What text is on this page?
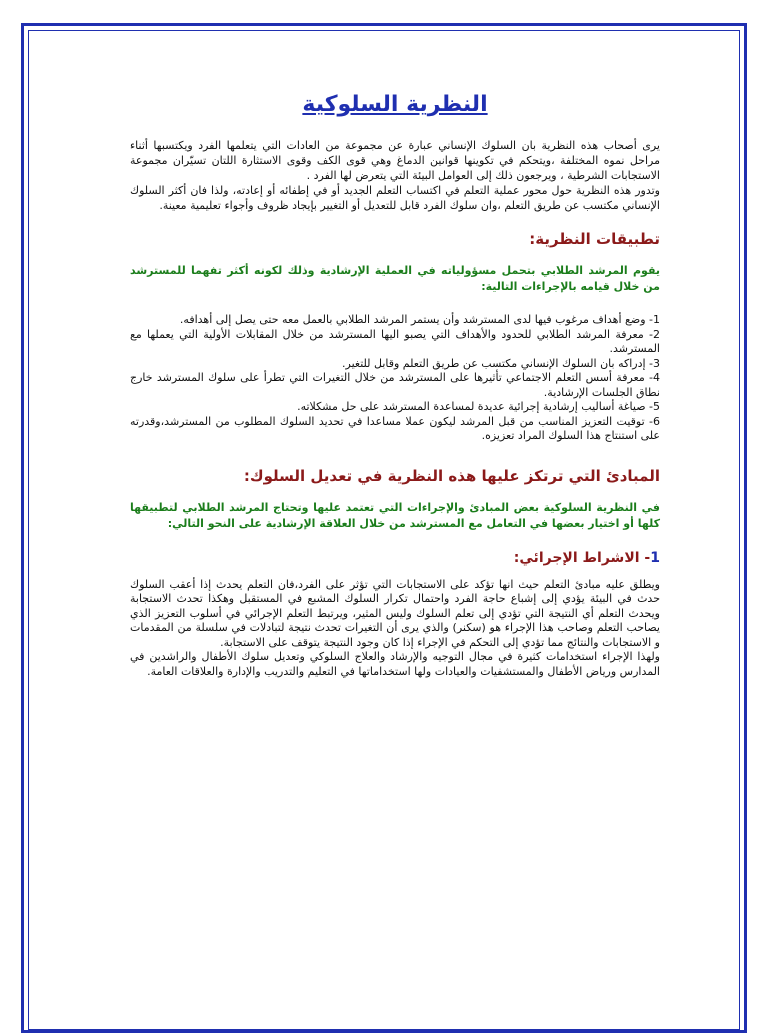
النظرية السلوكية

يرى أصحاب هذه النظرية بان السلوك الإنساني عبارة عن مجموعة من العادات التي يتعلمها الفرد ويكتسبها أثناء مراحل نموه المختلفة ،ويتحكم في تكوينها قوانين الدماغ وهي قوى الكف وقوى الاستثارة اللتان تسيّران مجموعة الاستجابات الشرطية ، ويرجعون ذلك إلى العوامل البيئة التي يتعرض لها الفرد .

وتدور هذه النظرية حول محور عملية التعلم في اكتساب التعلم الجديد أو في إطفائه أو إعادته، ولذا فان أكثر السلوك الإنساني مكتسب عن طريق التعلم ،وان سلوك الفرد قابل للتعديل أو التغيير بإيجاد ظروف وأجواء تعليمية معينة.

تطبيقات النظرية:

يقوم المرشد الطلابي بتحمل مسؤولياته في العملية الإرشادية وذلك لكونه أكثر تفهما للمسترشد من خلال قيامه بالإجراءات التالية:

1- وضع أهداف مرغوب فيها لدى المسترشد وأن يستمر المرشد الطلابي بالعمل معه حتى يصل إلى أهدافه.

2- معرفة المرشد الطلابي للحدود والأهداف التي يصبو اليها المسترشد من خلال المقابلات الأولية التي يعملها مع المسترشد.

3- إدراكه بان السلوك الإنساني مكتسب عن طريق التعلم وقابل للتغير.

4- معرفة أسس التعلم الاجتماعي تأثيرها على المسترشد من خلال التغيرات التي تطرأ على سلوك المسترشد خارج نطاق الجلسات الإرشادية.

5- صياغة أساليب إرشادية إجرائية عديدة لمساعدة المسترشد على حل مشكلاته.

6- توقيت التعزيز المناسب من قبل المرشد ليكون عملا مساعدا في تحديد السلوك المطلوب من المسترشد،وقدرته على استنتاج هذا السلوك المراد تعزيزه.

المبادئ التي ترتكز عليها هذه النظرية في تعديل السلوك:

في النظرية السلوكية بعض المبادئ والإجراءات التي تعتمد عليها وتحتاج المرشد الطلابي لتطبيقها كلها أو اختيار بعضها في التعامل مع المسترشد من خلال العلاقة الإرشادية على النحو التالي:

1- الاشراط الإجرائي:

ويطلق عليه مبادئ التعلم حيث انها تؤكد على الاستجابات التي تؤثر على الفرد،فان التعلم يحدث إذا أعقب السلوك حدث في البيئة يؤدي إلى إشباع حاجة الفرد واحتمال تكرار السلوك المشبع في المستقبل وهكذا تحدث الاستجابة ويحدث التعلم أي النتيجة التي تؤدي إلى تعلم السلوك وليس المثير، ويرتبط التعلم الإجرائي في أسلوب التعزيز الذي يصاحب التعلم وصاحب هذا الإجراء هو (سكنر) والذي يرى أن التغيرات تحدث نتيجة لتبادلات في سلسلة من المقدمات و الاستجابات والنتائج مما تؤدي إلى التحكم في الإجراء إذا كان وجود النتيجة يتوقف على الاستجابة.

ولهذا الإجراء استخدامات كثيرة في مجال التوجيه والإرشاد والعلاج السلوكي وتعديل سلوك الأطفال والراشدين في المدارس ورياض الأطفال والمستشفيات والعيادات ولها استخداماتها في التعليم والتدريب والإدارة والعلاقات العامة.
